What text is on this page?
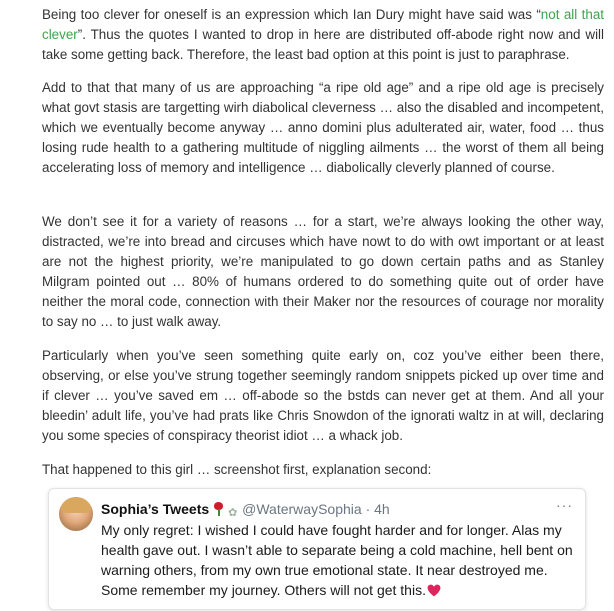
Being too clever for oneself is an expression which Ian Dury might have said was “not all that clever”. Thus the quotes I wanted to drop in here are distributed off-abode right now and will take some getting back. Therefore, the least bad option at this point is just to paraphrase.

Add to that that many of us are approaching “a ripe old age” and a ripe old age is precisely what govt stasis are targetting wirh diabolical cleverness … also the disabled and incompetent, which we eventually become anyway … anno domini plus adulterated air, water, food … thus losing rude health to a gathering multitude of niggling ailments … the worst of them all being accelerating loss of memory and intelligence … diabolically cleverly planned of course.

We don’t see it for a variety of reasons … for a start, we’re always looking the other way, distracted, we’re into bread and circuses which have nowt to do with owt important or at least are not the highest priority, we’re manipulated to go down certain paths and as Stanley Milgram pointed out … 80% of humans ordered to do something quite out of order have neither the moral code, connection with their Maker nor the resources of courage nor morality to say no … to just walk away.

Particularly when you’ve seen something quite early on, coz you’ve either been there, observing, or else you’ve strung together seemingly random snippets picked up over time and if clever … you’ve saved em … off-abode so the bstds can never get at them. And all your bleedin’ adult life, you’ve had prats like Chris Snowdon of the ignorati waltz in at will, declaring you some species of conspiracy theorist idiot … a whack job.

That happened to this girl … screenshot first, explanation second:

Sophia’s Tweets ✿ @WaterwaySophia · 4h	···

My only regret: I wished I could have fought harder and for longer. Alas my health gave out. I wasn’t able to separate being a cold machine, hell bent on warning others, from my own true emotional state. It near destroyed me. Some remember my journey. Others will not get this.
